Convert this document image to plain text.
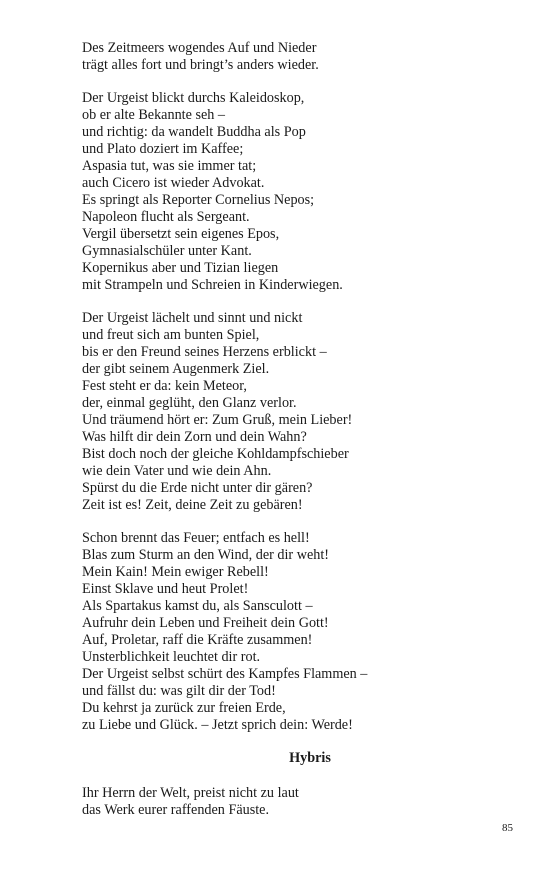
Des Zeitmeers wogendes Auf und Nieder
trägt alles fort und bringt’s anders wieder.
Der Urgeist blickt durchs Kaleidoskop,
ob er alte Bekannte seh –
und richtig: da wandelt Buddha als Pop
und Plato doziert im Kaffee;
Aspasia tut, was sie immer tat;
auch Cicero ist wieder Advokat.
Es springt als Reporter Cornelius Nepos;
Napoleon flucht als Sergeant.
Vergil übersetzt sein eigenes Epos,
Gymnasialschüler unter Kant.
Kopernikus aber und Tizian liegen
mit Strampeln und Schreien in Kinderwiegen.
Der Urgeist lächelt und sinnt und nickt
und freut sich am bunten Spiel,
bis er den Freund seines Herzens erblickt –
der gibt seinem Augenmerk Ziel.
Fest steht er da: kein Meteor,
der, einmal geglüht, den Glanz verlor.
Und träumend hört er: Zum Gruß, mein Lieber!
Was hilft dir dein Zorn und dein Wahn?
Bist doch noch der gleiche Kohldampfschieber
wie dein Vater und wie dein Ahn.
Spürst du die Erde nicht unter dir gären?
Zeit ist es! Zeit, deine Zeit zu gebären!
Schon brennt das Feuer; entfach es hell!
Blas zum Sturm an den Wind, der dir weht!
Mein Kain! Mein ewiger Rebell!
Einst Sklave und heut Prolet!
Als Spartakus kamst du, als Sansculott –
Aufruhr dein Leben und Freiheit dein Gott!
Auf, Proletar, raff die Kräfte zusammen!
Unsterblichkeit leuchtet dir rot.
Der Urgeist selbst schürt des Kampfes Flammen –
und fällst du: was gilt dir der Tod!
Du kehrst ja zurück zur freien Erde,
zu Liebe und Glück. – Jetzt sprich dein: Werde!
Hybris
Ihr Herrn der Welt, preist nicht zu laut
das Werk eurer raffenden Fäuste.
85
